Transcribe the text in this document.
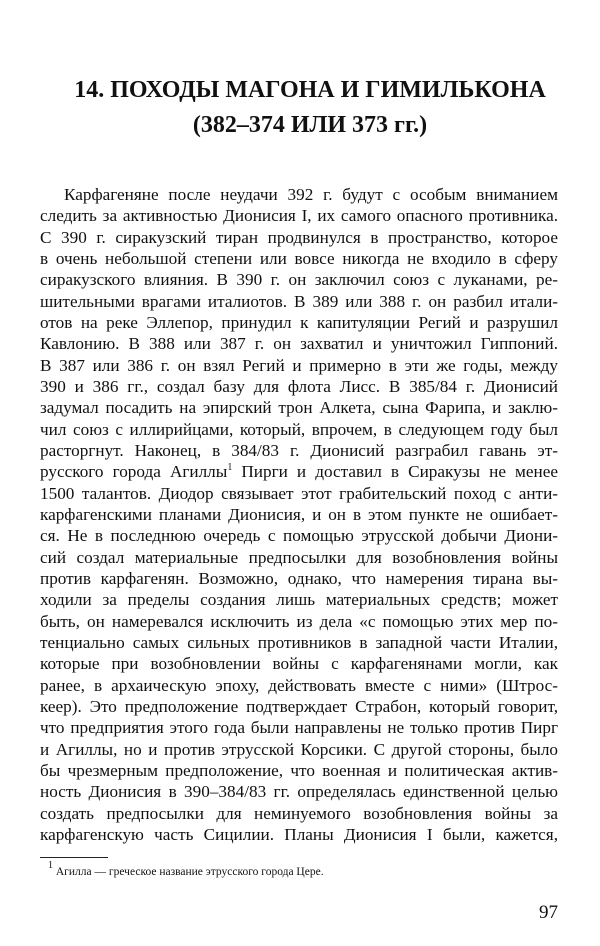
14. ПОХОДЫ МАГОНА И ГИМИЛЬКОНА
(382–374 ИЛИ 373 гг.)
Карфагеняне после неудачи 392 г. будут с особым вниманием
следить за активностью Дионисия I, их самого опасного противника.
С 390 г. сиракузский тиран продвинулся в пространство, которое
в очень небольшой степени или вовсе никогда не входило в сферу
сиракузского влияния. В 390 г. он заключил союз с луканами, ре-
шительными врагами италиотов. В 389 или 388 г. он разбил итали-
отов на реке Эллепор, принудил к капитуляции Регий и разрушил
Кавлонию. В 388 или 387 г. он захватил и уничтожил Гиппоний.
В 387 или 386 г. он взял Регий и примерно в эти же годы, между
390 и 386 гг., создал базу для флота Лисс. В 385/84 г. Дионисий
задумал посадить на эпирский трон Алкета, сына Фарипа, и заклю-
чил союз с иллирийцами, который, впрочем, в следующем году был
расторгнут. Наконец, в 384/83 г. Дионисий разграбил гавань эт-
русского города Агиллы$^1$ Пирги и доставил в Сиракузы не менее
1500 талантов. Диодор связывает этот грабительский поход с анти-
карфагенскими планами Дионисия, и он в этом пункте не ошибает-
ся. Не в последнюю очередь с помощью этрусской добычи Диони-
сий создал материальные предпосылки для возобновления войны
против карфагенян. Возможно, однако, что намерения тирана вы-
ходили за пределы создания лишь материальных средств; может
быть, он намеревался исключить из дела «с помощью этих мер по-
тенциально самых сильных противников в западной части Италии,
которые при возобновлении войны с карфагенянами могли, как
ранее, в архаическую эпоху, действовать вместе с ними» (Штрос-
кеер). Это предположение подтверждает Страбон, который говорит,
что предприятия этого года были направлены не только против Пирг
и Агиллы, но и против этрусской Корсики. С другой стороны, было
бы чрезмерным предположение, что военная и политическая актив-
ность Дионисия в 390–384/83 гг. определялась единственной целью
создать предпосылки для неминуемого возобновления войны за
карфагенскую часть Сицилии. Планы Дионисия I были, кажется,
$^1$ Агилла — греческое название этрусского города Цере.
97
